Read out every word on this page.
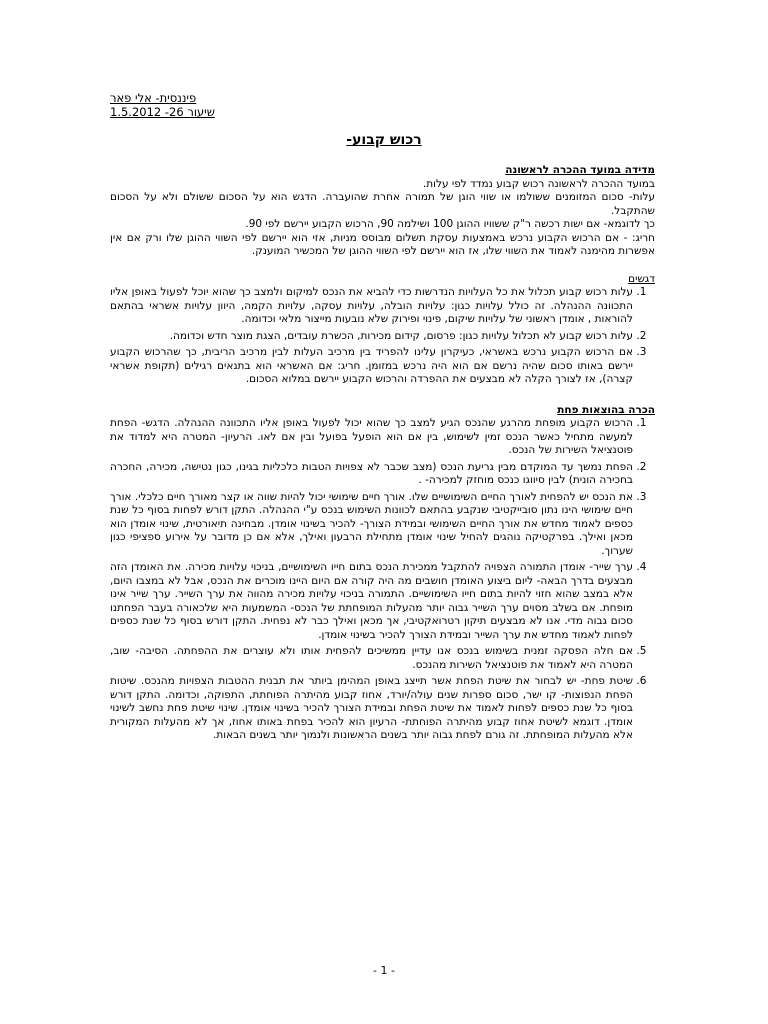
פיננסית- אלי פאר
שיעור 26- 1.5.2012
רכוש קבוע-

מדידה במועד ההכרה לראשונה

במועד ההכרה לראשונה רכוש קבוע נמדד לפי עלות.

עלות- סכום המזומנים ששולמו או שווי הוגן של תמורה אחרת שהועברה. הדגש הוא על הסכום ששולם ולא על הסכום שהתקבל.

כך לדוגמא- אם ישות רכשה ר"ק ששוויו ההוגן 100 ושילמה 90, הרכוש הקבוע יירשם לפי 90.

חריג: - אם הרכוש הקבוע נרכש באמצעות עסקת תשלום מבוסס מניות, אזי הוא יירשם לפי השווי ההוגן שלו ורק אם אין אפשרות מהימנה לאמוד את השווי שלו, אז הוא יירשם לפי השווי ההוגן של המכשיר המוענק.

דגשים

1. עלות רכוש קבוע תכלול את כל העלויות הנדרשות כדי להביא את הנכס למיקום ולמצב כך שהוא יוכל לפעול באופן אליו התכוונה ההנהלה. זה כולל עלויות כגון: עלויות הובלה, עלויות עסקה, עלויות הקמה, היוון עלויות אשראי בהתאם להוראות , אומדן ראשוני של עלויות שיקום, פינוי ופירוק שלא נובעות מייצור מלאי וכדומה.
2. עלות רכוש קבוע לא תכלול עלויות כגון: פרסום, קידום מכירות, הכשרת עובדים, הצגת מוצר חדש וכדומה.
3. אם הרכוש הקבוע נרכש באשראי, כעיקרון עלינו להפריד בין מרכיב העלות לבין מרכיב הריבית, כך שהרכוש הקבוע יירשם באותו סכום שהיה נרשם אם הוא היה נרכש במזומן. חריג: אם האשראי הוא בתנאים רגילים (תקופת אשראי קצרה), אז לצורך הקלה לא מבצעים את ההפרדה והרכוש הקבוע יירשם במלוא הסכום.

הכרה בהוצאות פחת

1. הרכוש הקבוע מופחת מהרגע שהנכס הגיע למצב כך שהוא יכול לפעול באופן אליו התכוונה ההנהלה. הדגש- הפחת למעשה מתחיל כאשר הנכס זמין לשימוש, בין אם הוא הופעל בפועל ובין אם לאו. הרעיון- המטרה היא למדוד את פוטנציאל השירות של הנכס.
2. הפחת נמשך עד המוקדם מבין גריעת הנכס (מצב שכבר לא צפויות הטבות כלכליות בגינו, כגון נטישה, מכירה, החכרה בחכירה הונית) לבין סיווגו כנכס מוחזק למכירה- .
3. את הנכס יש להפחית לאורך החיים השימושיים שלו. אורך חיים שימושי יכול להיות שווה או קצר מאורך חיים כלכלי. אורך חיים שימושי הינו נתון סובייקטיבי שנקבע בהתאם לכוונות השימוש בנכס ע"י ההנהלה. התקן דורש לפחות בסוף כל שנת כספים לאמוד מחדש את אורך החיים השימושי ובמידת הצורך- להכיר בשינוי אומדן. מבחינה תיאורטית, שינוי אומדן הוא מכאן ואילך. בפרקטיקה נוהגים להחיל שינוי אומדן מתחילת הרבעון ואילך, אלא אם כן מדובר על אירוע ספציפי כגון שערוך.
4. ערך שייר- אומדן התמורה הצפויה להתקבל ממכירת הנכס בתום חייו השימושיים, בניכוי עלויות מכירה. את האומדן הזה מבצעים בדרך הבאה- ליום ביצוע האומדן חושבים מה היה קורה אם היום היינו מוכרים את הנכס, אבל לא במצבו היום, אלא במצב שהוא חזוי להיות בתום חייו השימושיים. התמורה בניכוי עלויות מכירה מהווה את ערך השייר. ערך שייר אינו מופחת. אם בשלב מסוים ערך השייר גבוה יותר מהעלות המופחתת של הנכס- המשמעות היא שלכאורה בעבר הפחתנו סכום גבוה מדי. אנו לא מבצעים תיקון רטרואקטיבי, אך מכאן ואילך כבר לא נפחית. התקן דורש בסוף כל שנת כספים לפחות לאמוד מחדש את ערך השייר ובמידת הצורך להכיר בשינוי אומדן.
5. אם חלה הפסקה זמנית בשימוש בנכס אנו עדיין ממשיכים להפחית אותו ולא עוצרים את ההפחתה. הסיבה- שוב, המטרה היא לאמוד את פוטנציאל השירות מהנכס.
6. שיטת פחת- יש לבחור את שיטת הפחת אשר תייצג באופן המהימן ביותר את תבנית ההטבות הצפויות מהנכס. שיטות הפחת הנפוצות- קו ישר, סכום ספרות שנים עולה/יורד, אחוז קבוע מהיתרה הפוחתת, התפוקה, וכדומה. התקן דורש בסוף כל שנת כספים לפחות לאמוד את שיטת הפחת ובמידת הצורך להכיר בשינוי אומדן. שינוי שיטת פחת נחשב לשינוי אומדן. דוגמא לשיטת אחוז קבוע מהיתרה הפוחתת- הרעיון הוא להכיר בפחת באותו אחוז, אך לא מהעלות המקורית אלא מהעלות המופחתת. זה גורם לפחת גבוה יותר בשנים הראשונות ולנמוך יותר בשנים הבאות.
- 1 -
